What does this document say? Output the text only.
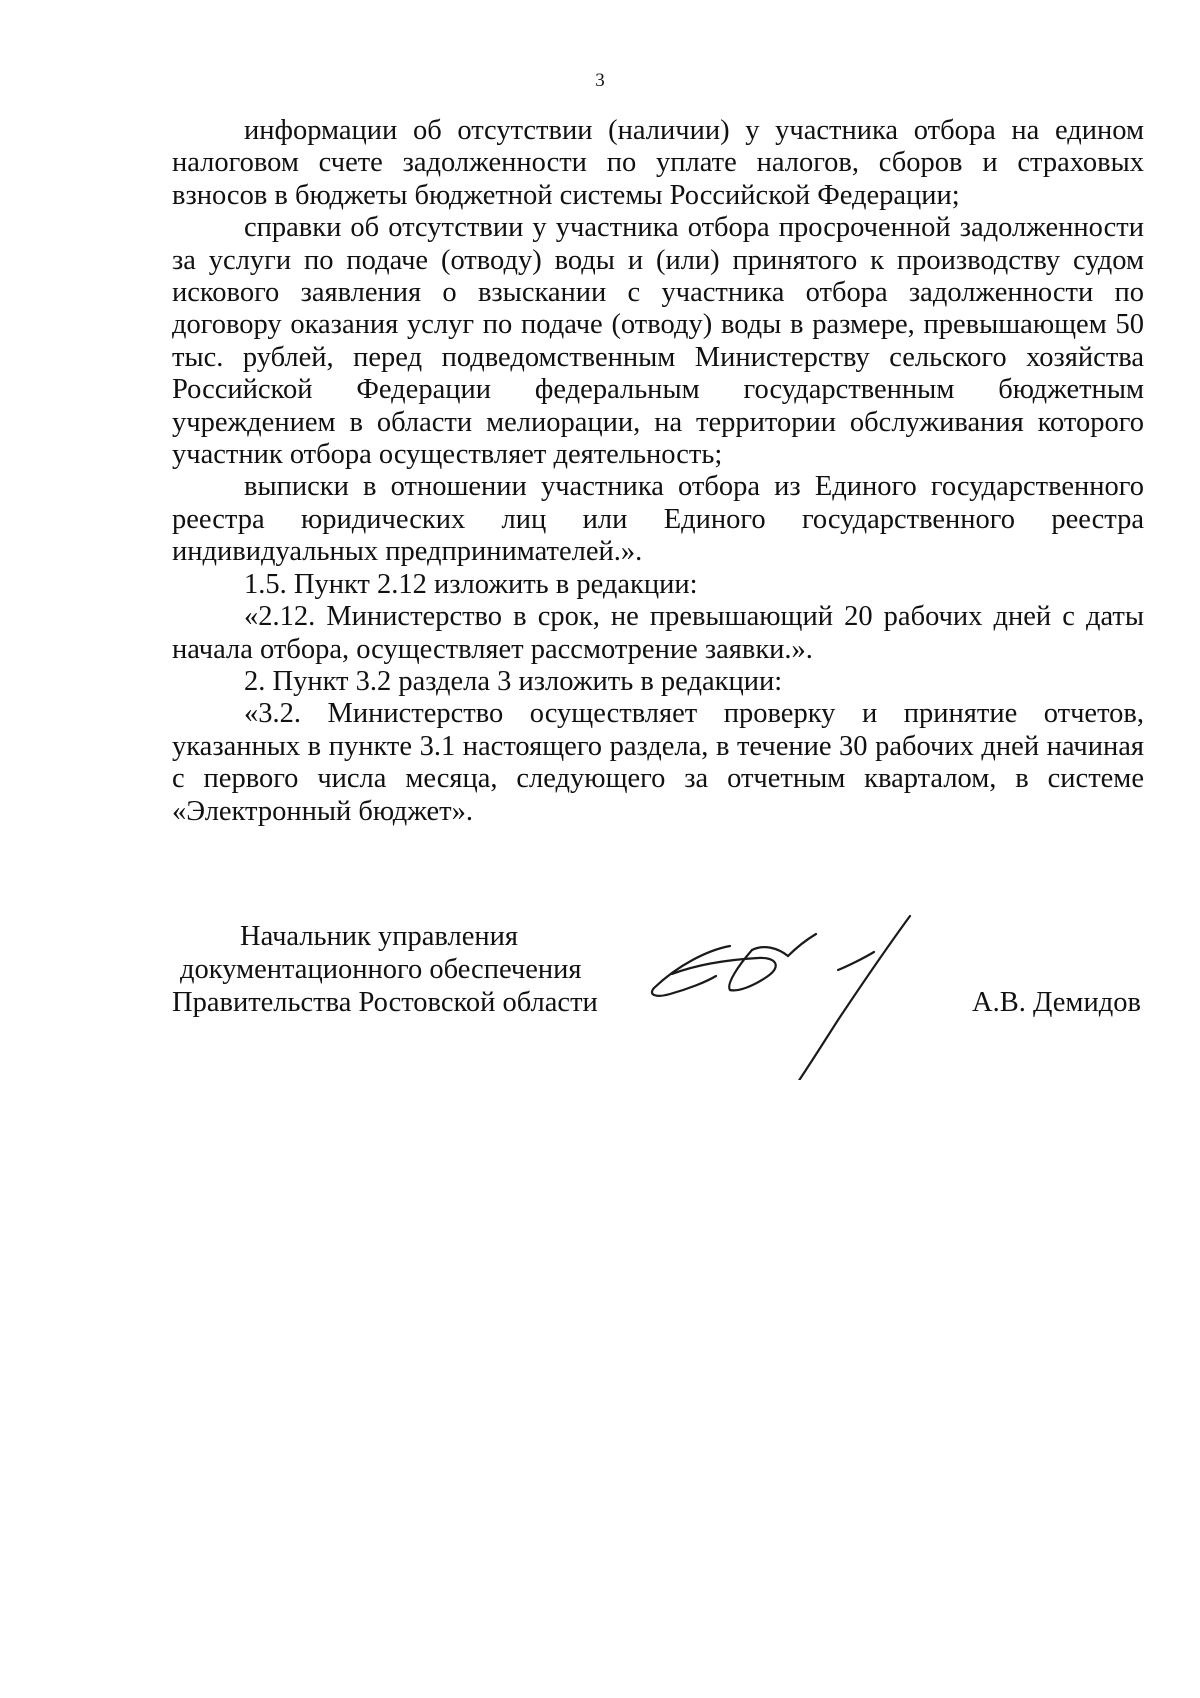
3

информации об отсутствии (наличии) у участника отбора на едином налоговом счете задолженности по уплате налогов, сборов и страховых взносов в бюджеты бюджетной системы Российской Федерации;

справки об отсутствии у участника отбора просроченной задолженности за услуги по подаче (отводу) воды и (или) принятого к производству судом искового заявления о взыскании с участника отбора задолженности по договору оказания услуг по подаче (отводу) воды в размере, превышающем 50 тыс. рублей, перед подведомственным Министерству сельского хозяйства Российской Федерации федеральным государственным бюджетным учреждением в области мелиорации, на территории обслуживания которого участник отбора осуществляет деятельность;

выписки в отношении участника отбора из Единого государственного реестра юридических лиц или Единого государственного реестра индивидуальных предпринимателей.».

1.5. Пункт 2.12 изложить в редакции:

«2.12. Министерство в срок, не превышающий 20 рабочих дней с даты начала отбора, осуществляет рассмотрение заявки.».

2. Пункт 3.2 раздела 3 изложить в редакции:

«3.2. Министерство осуществляет проверку и принятие отчетов, указанных в пункте 3.1 настоящего раздела, в течение 30 рабочих дней начиная с первого числа месяца, следующего за отчетным кварталом, в системе «Электронный бюджет».

Начальник управления
документационного обеспечения
Правительства Ростовской области	А.В. Демидов
